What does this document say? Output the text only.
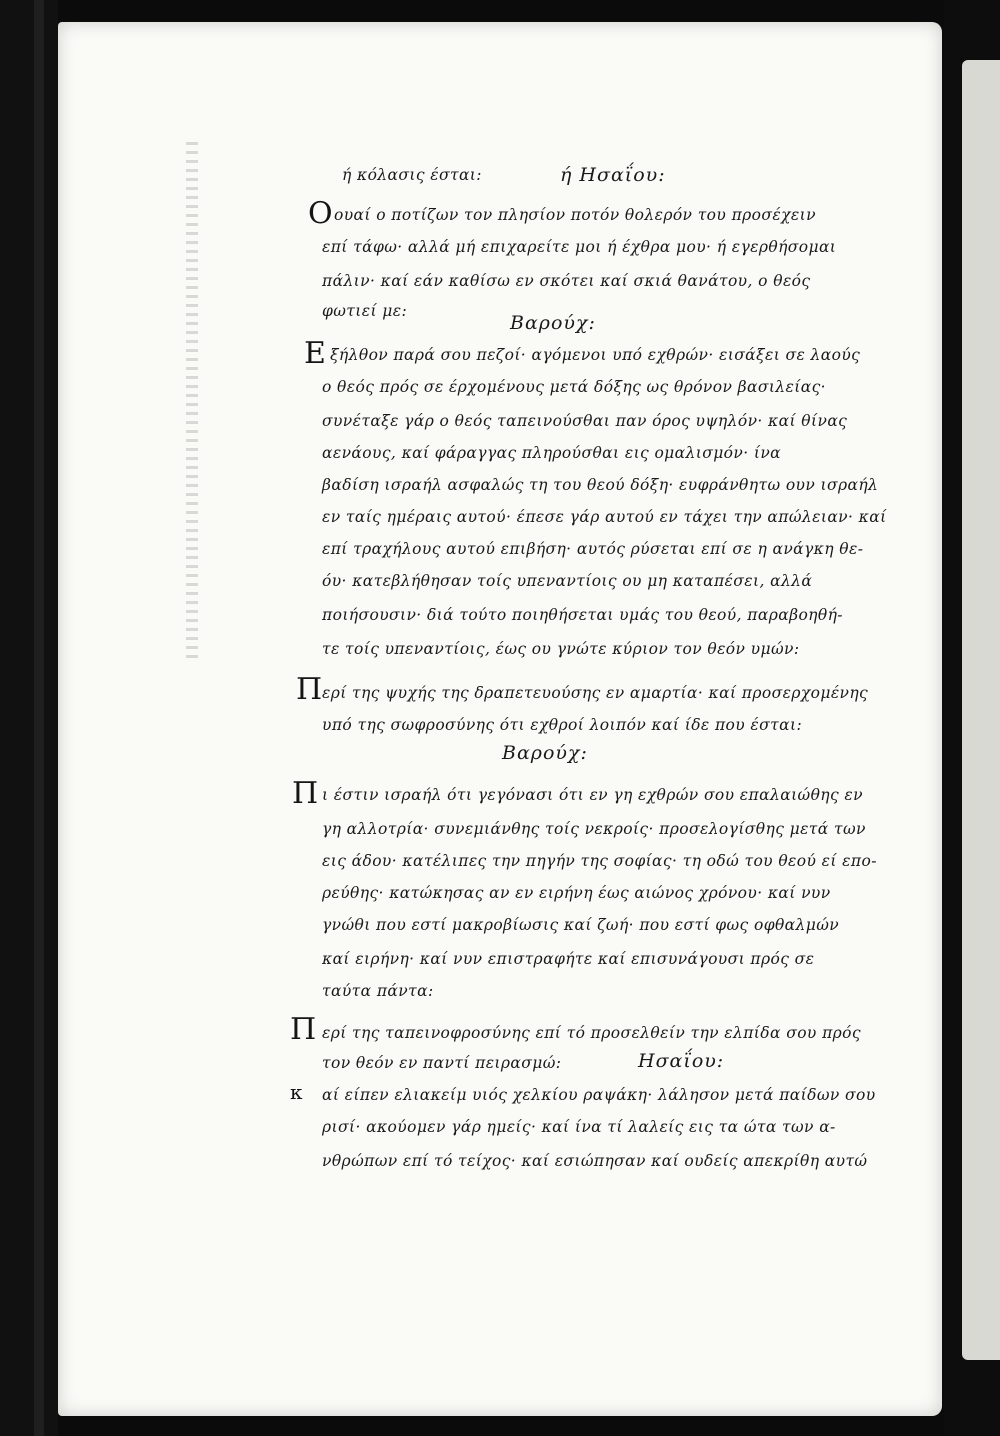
ή κόλασις έσται:	ή Ησαΐου:
Ο ουαί ο ποτίζων τον πλησίον ποτόν θολερόν του προσέχειν
επί τάφω· αλλά μή επιχαρείτε μοι ή έχθρα μου· ή εγερθήσομαι
πάλιν· καί εάν καθίσω εν σκότει καί σκιά θανάτου, ο θεός
φωτιεί με:
Βαρούχ:
Ε ξήλθον παρά σου πεζοί· αγόμενοι υπό εχθρών· εισάξει σε λαούς
ο θεός πρός σε έρχομένους μετά δόξης ως θρόνον βασιλείας·
συνέταξε γάρ ο θεός ταπεινούσθαι παν όρος υψηλόν· καί θίνας
αενάους, καί φάραγγας πληρούσθαι εις ομαλισμόν· ίνα
βαδίση ισραήλ ασφαλώς τη του θεού δόξη· ευφράνθητω ουν ισραήλ
εν ταίς ημέραις αυτού· έπεσε γάρ αυτού εν τάχει την απώλειαν· καί
επί τραχήλους αυτού επιβήση· αυτός ρύσεται επί σε η ανάγκη θε-
όυ· κατεβλήθησαν τοίς υπεναντίοις ου μη καταπέσει, αλλά
ποιήσουσιν· διά τούτο ποιηθήσεται υμάς του θεού, παραβοηθή-
τε τοίς υπεναντίοις, έως ου γνώτε κύριον τον θεόν υμών:
Π ερί της ψυχής της δραπετευούσης εν αμαρτία· καί προσερχομένης
υπό της σωφροσύνης ότι εχθροί λοιπόν καί ίδε που έσται:
Βαρούχ:
Π ι έστιν ισραήλ ότι γεγόνασι ότι εν γη εχθρών σου επαλαιώθης εν
γη αλλοτρία· συνεμιάνθης τοίς νεκροίς· προσελογίσθης μετά των
εις άδου· κατέλιπες την πηγήν της σοφίας· τη οδώ του θεού εί επο-
ρεύθης· κατώκησας αν εν ειρήνη έως αιώνος χρόνου· καί νυν
γνώθι που εστί μακροβίωσις καί ζωή· που εστί φως οφθαλμών
καί ειρήνη· καί νυν επιστραφήτε καί επισυνάγουσι πρός σε
ταύτα πάντα:
Π ερί της ταπεινοφροσύνης επί τό προσελθείν την ελπίδα σου πρός
τον θεόν εν παντί πειρασμώ:	Ησαΐου:
κ αί είπεν ελιακείμ υιός χελκίου ραψάκη· λάλησον μετά παίδων σου
ρισί· ακούομεν γάρ ημείς· καί ίνα τί λαλείς εις τα ώτα των α-
νθρώπων επί τό τείχος· καί εσιώπησαν καί ουδείς απεκρίθη αυτώ
